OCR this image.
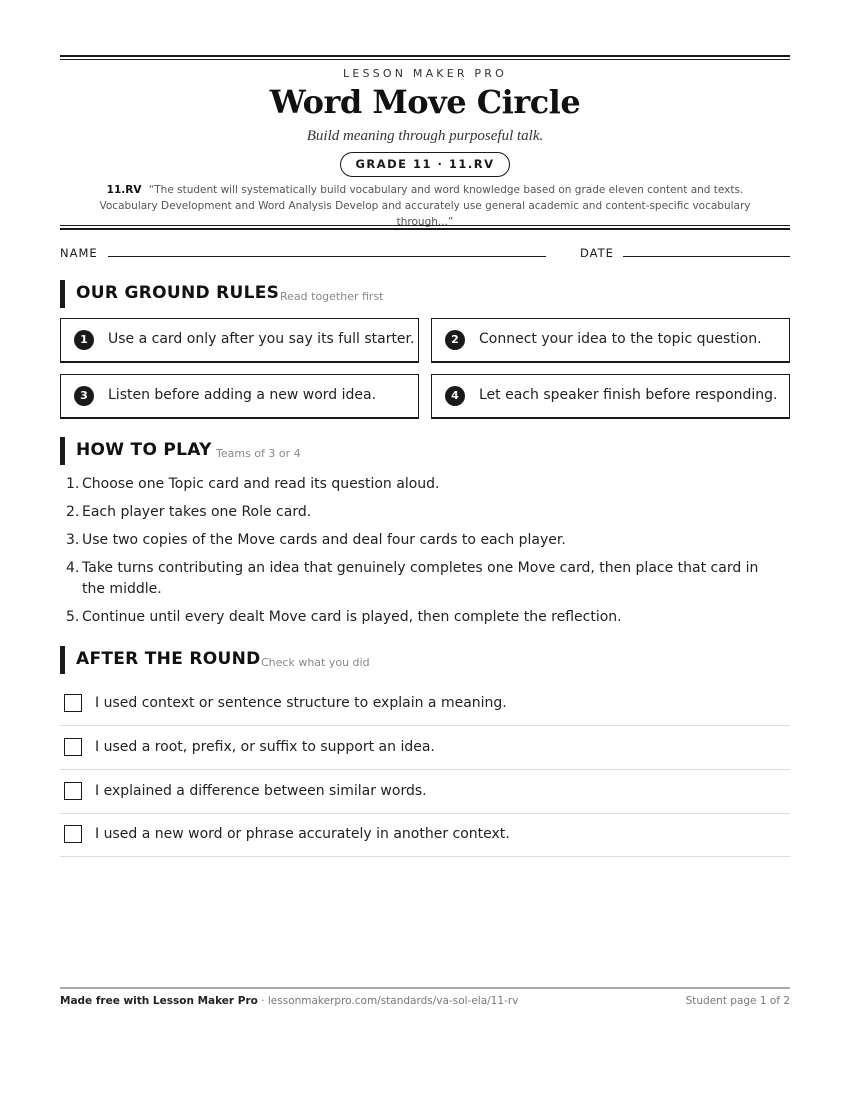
LESSON MAKER PRO
Word Move Circle
Build meaning through purposeful talk.
GRADE 11 · 11.RV
11.RV “The student will systematically build vocabulary and word knowledge based on grade eleven content and texts. Vocabulary Development and Word Analysis Develop and accurately use general academic and content-specific vocabulary through...”
NAME	DATE
OUR GROUND RULES Read together first
1	Use a card only after you say its full starter.	2	Connect your idea to the topic question.
3	Listen before adding a new word idea.	4	Let each speaker finish before responding.
HOW TO PLAY Teams of 3 or 4
1. Choose one Topic card and read its question aloud.
2. Each player takes one Role card.
3. Use two copies of the Move cards and deal four cards to each player.
4. Take turns contributing an idea that genuinely completes one Move card, then place that card in the middle.
5. Continue until every dealt Move card is played, then complete the reflection.
AFTER THE ROUND Check what you did
I used context or sentence structure to explain a meaning.
I used a root, prefix, or suffix to support an idea.
I explained a difference between similar words.
I used a new word or phrase accurately in another context.
Made free with Lesson Maker Pro · lessonmakerpro.com/standards/va-sol-ela/11-rv	Student page 1 of 2
